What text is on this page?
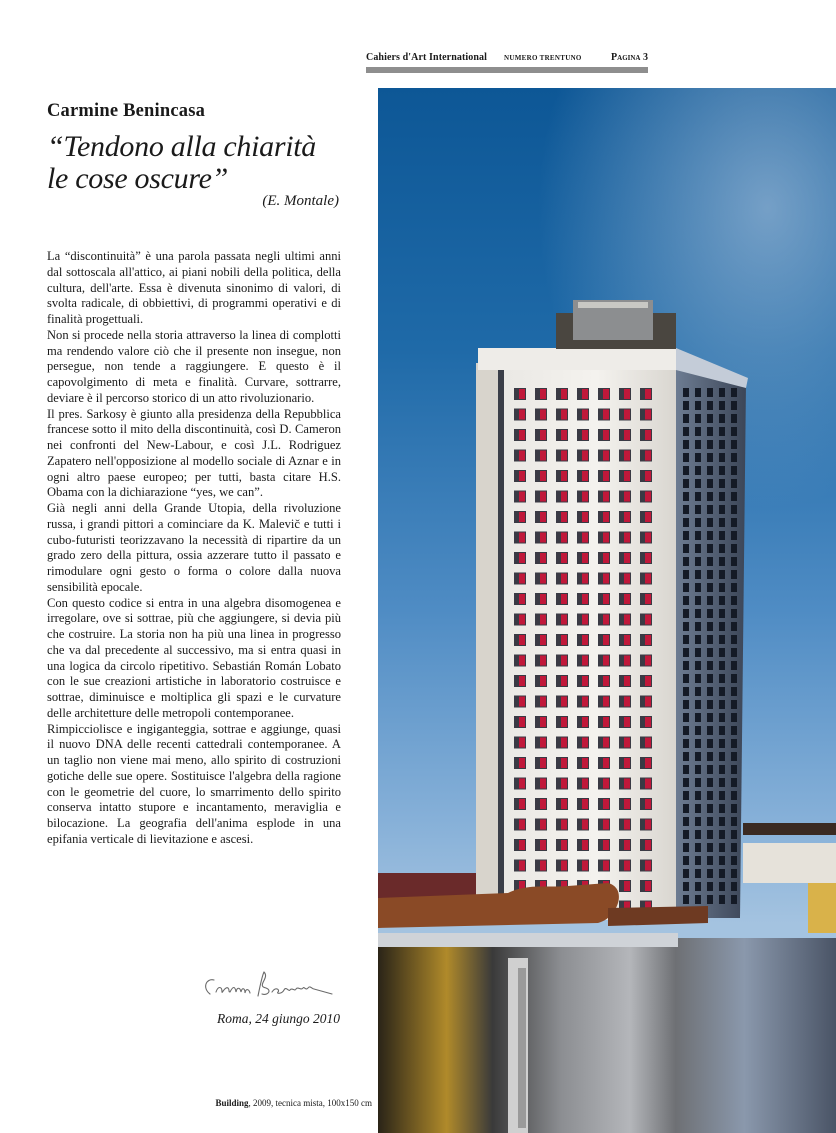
Cahiers d'Art International NUMERO TRENTUNO	Pagina 3
Carmine Benincasa
“Tendono alla chiarità
le cose oscure”
(E. Montale)

La “discontinuità” è una parola passata negli ultimi anni dal sottoscala all'attico, ai piani nobili della politica, della cultura, dell'arte. Essa è divenuta sinonimo di valori, di svolta radicale, di obbiettivi, di programmi operativi e di finalità progettuali.

Non si procede nella storia attraverso la linea di complotti ma rendendo valore ciò che il presente non insegue, non persegue, non tende a raggiungere. E questo è il capovolgimento di meta e finalità. Curvare, sottrarre, deviare è il percorso storico di un atto rivoluzionario.

Il pres. Sarkosy è giunto alla presidenza della Repubblica francese sotto il mito della discontinuità, così D. Cameron nei confronti del New-Labour, e così J.L. Rodriguez Zapatero nell'opposizione al modello sociale di Aznar e in ogni altro paese europeo; per tutti, basta citare H.S. Obama con la dichiarazione “yes, we can”.

Già negli anni della Grande Utopia, della rivoluzione russa, i grandi pittori a cominciare da K. Malevič e tutti i cubo-futuristi teorizzavano la necessità di ripartire da un grado zero della pittura, ossia azzerare tutto il passato e rimodulare ogni gesto o forma o colore dalla nuova sensibilità epocale.

Con questo codice si entra in una algebra disomogenea e irregolare, ove si sottrae, più che aggiungere, si devia più che costruire. La storia non ha più una linea in progresso che va dal precedente al successivo, ma si entra quasi in una logica da circolo ripetitivo. Sebastián Román Lobato con le sue creazioni artistiche in laboratorio costruisce e sottrae, diminuisce e moltiplica gli spazi e le curvature delle architetture delle metropoli contemporanee.

Rimpicciolisce e ingiganteggia, sottrae e aggiunge, quasi il nuovo DNA delle recenti cattedrali contemporanee. A un taglio non viene mai meno, allo spirito di costruzioni gotiche delle sue opere. Sostituisce l'algebra della ragione con le geometrie del cuore, lo smarrimento dello spirito conserva intatto stupore e incantamento, meraviglia e bilocazione. La geografia dell'anima esplode in una epifania verticale di lievitazione e ascesi.

Roma, 24 giungo 2010
Building, 2009, tecnica mista, 100x150 cm
